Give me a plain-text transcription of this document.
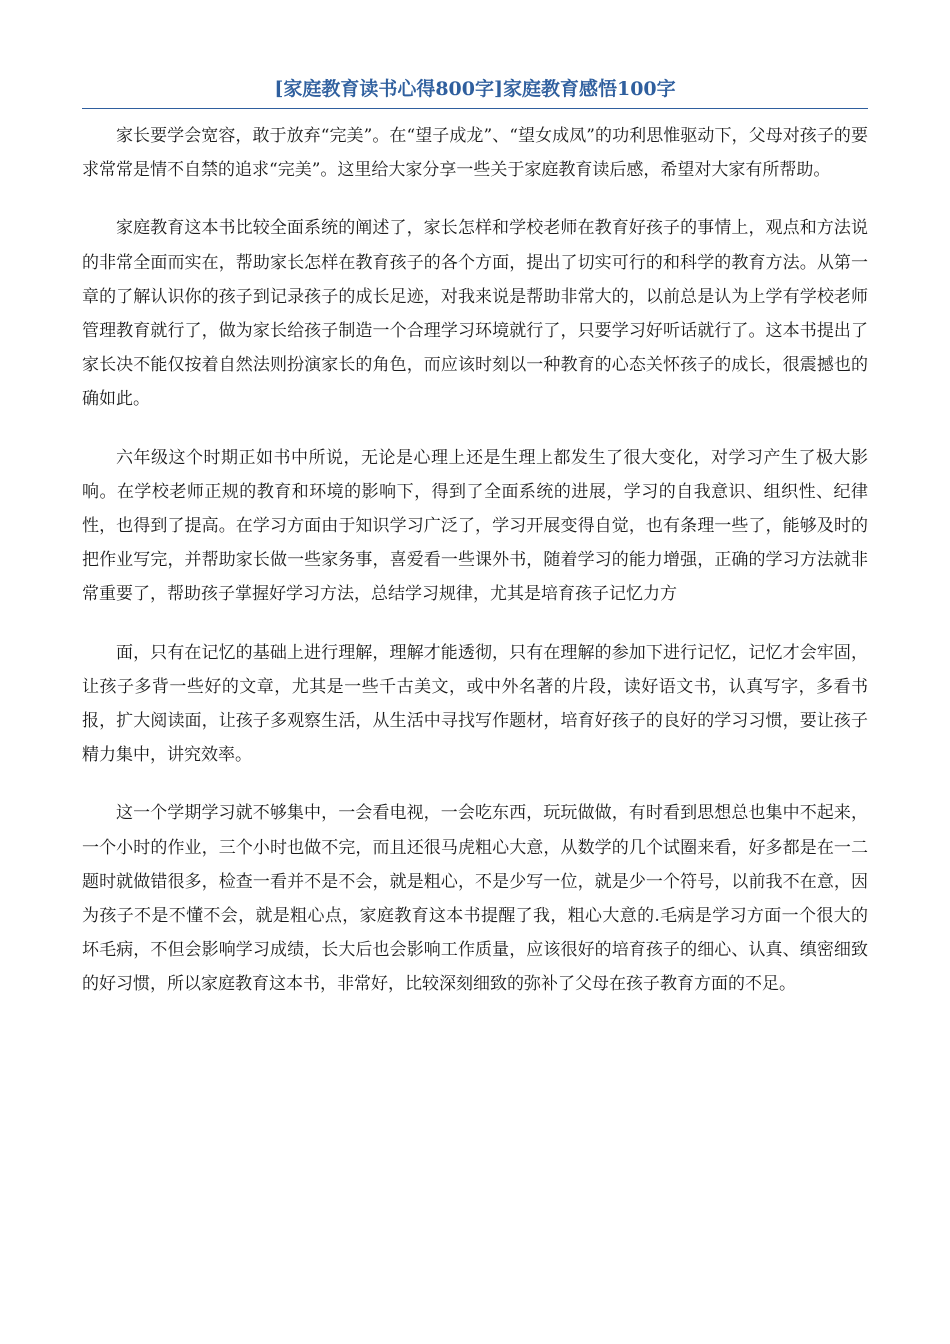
[家庭教育读书心得800字]家庭教育感悟100字

家长要学会宽容，敢于放弃“完美”。在“望子成龙”、“望女成凤”的功利思惟驱动下，父母对孩子的要求常常是情不自禁的追求“完美”。这里给大家分享一些关于家庭教育读后感，希望对大家有所帮助。

家庭教育这本书比较全面系统的阐述了，家长怎样和学校老师在教育好孩子的事情上，观点和方法说的非常全面而实在，帮助家长怎样在教育孩子的各个方面，提出了切实可行的和科学的教育方法。从第一章的了解认识你的孩子到记录孩子的成长足迹，对我来说是帮助非常大的，以前总是认为上学有学校老师管理教育就行了，做为家长给孩子制造一个合理学习环境就行了，只要学习好听话就行了。这本书提出了家长决不能仅按着自然法则扮演家长的角色，而应该时刻以一种教育的心态关怀孩子的成长，很震撼也的确如此。

六年级这个时期正如书中所说，无论是心理上还是生理上都发生了很大变化，对学习产生了极大影响。在学校老师正规的教育和环境的影响下，得到了全面系统的进展，学习的自我意识、组织性、纪律性，也得到了提高。在学习方面由于知识学习广泛了，学习开展变得自觉，也有条理一些了，能够及时的把作业写完，并帮助家长做一些家务事，喜爱看一些课外书，随着学习的能力增强，正确的学习方法就非常重要了，帮助孩子掌握好学习方法，总结学习规律，尤其是培育孩子记忆力方

面，只有在记忆的基础上进行理解，理解才能透彻，只有在理解的参加下进行记忆，记忆才会牢固，让孩子多背一些好的文章，尤其是一些千古美文，或中外名著的片段，读好语文书，认真写字，多看书报，扩大阅读面，让孩子多观察生活，从生活中寻找写作题材，培育好孩子的良好的学习习惯，要让孩子精力集中，讲究效率。

这一个学期学习就不够集中，一会看电视，一会吃东西，玩玩做做，有时看到思想总也集中不起来，一个小时的作业，三个小时也做不完，而且还很马虎粗心大意，从数学的几个试圈来看，好多都是在一二题时就做错很多，检查一看并不是不会，就是粗心，不是少写一位，就是少一个符号，以前我不在意，因为孩子不是不懂不会，就是粗心点，家庭教育这本书提醒了我，粗心大意的.毛病是学习方面一个很大的坏毛病，不但会影响学习成绩，长大后也会影响工作质量，应该很好的培育孩子的细心、认真、缜密细致的好习惯，所以家庭教育这本书，非常好，比较深刻细致的弥补了父母在孩子教育方面的不足。
